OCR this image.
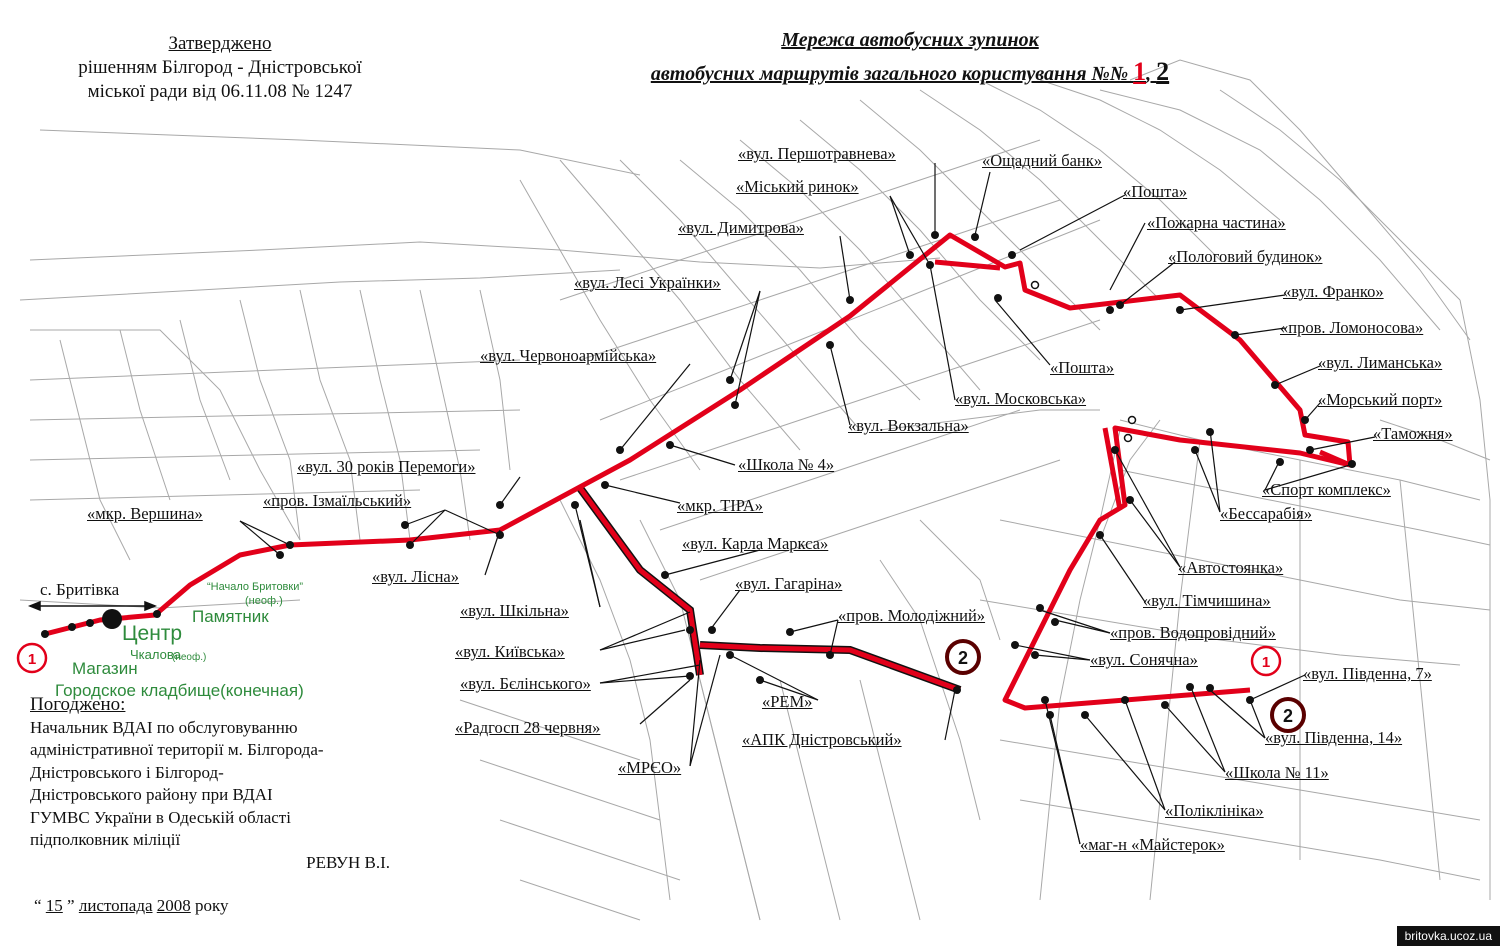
1	1
2
2
Затверджено
рішенням Білгород - Дністровської
міської ради від 06.11.08 № 1247
Мережа автобусних зупинок
автобусних маршрутів загального користування №№ 1, 2
Погоджено:
Начальник ВДАІ по обслуговуванню
адміністративної території м. Білгорода-
Дністровського і Білгород-
Дністровського району при ВДАІ
ГУМВС України в Одеській області
підполковник міліції
РЕВУН В.І.
“ 15 ” листопада 2008 року
britovka.ucoz.ua
с. Бритівка
«вул. Першотравнева»
«Міський ринок»
«вул. Димитрова»
«вул. Лесі Українки»
«вул. Червоноармійська»
«вул. 30 років Перемоги»
«пров. Ізмаїльський»
«мкр. Вершина»
«вул. Лісна»
«вул. Шкільна»
«вул. Київська»
«вул. Бєлінського»
«Радгосп 28 червня»
«МРЄО»
«мкр. ТІРА»
«вул. Карла Маркса»
«вул. Гагаріна»
«пров. Молодіжний»
«РЕМ»
«АПК Дністровський»
«Школа № 4»
«вул. Вокзальна»
«вул. Московська»
«Пошта»
«Ощадний банк»
«Пошта»
«Пожарна частина»
«Пологовий будинок»
«вул. Франко»
«пров. Ломоносова»
«вул. Лиманська»
«Морський порт»
«Таможня»
«Спорт комплекс»
«Бессарабія»
«Автостоянка»
«вул. Тімчишина»
«пров. Водопровідний»
«вул. Сонячна»
«вул. Південна, 7»
«вул. Південна, 14»
«Школа № 11»
«Поліклініка»
«маг-н «Майстерок»
“Начало Бритовки”
(неоф.)
Памятник
Центр
Чкалова
(неоф.)
Магазин
Городское кладбище(конечная)
